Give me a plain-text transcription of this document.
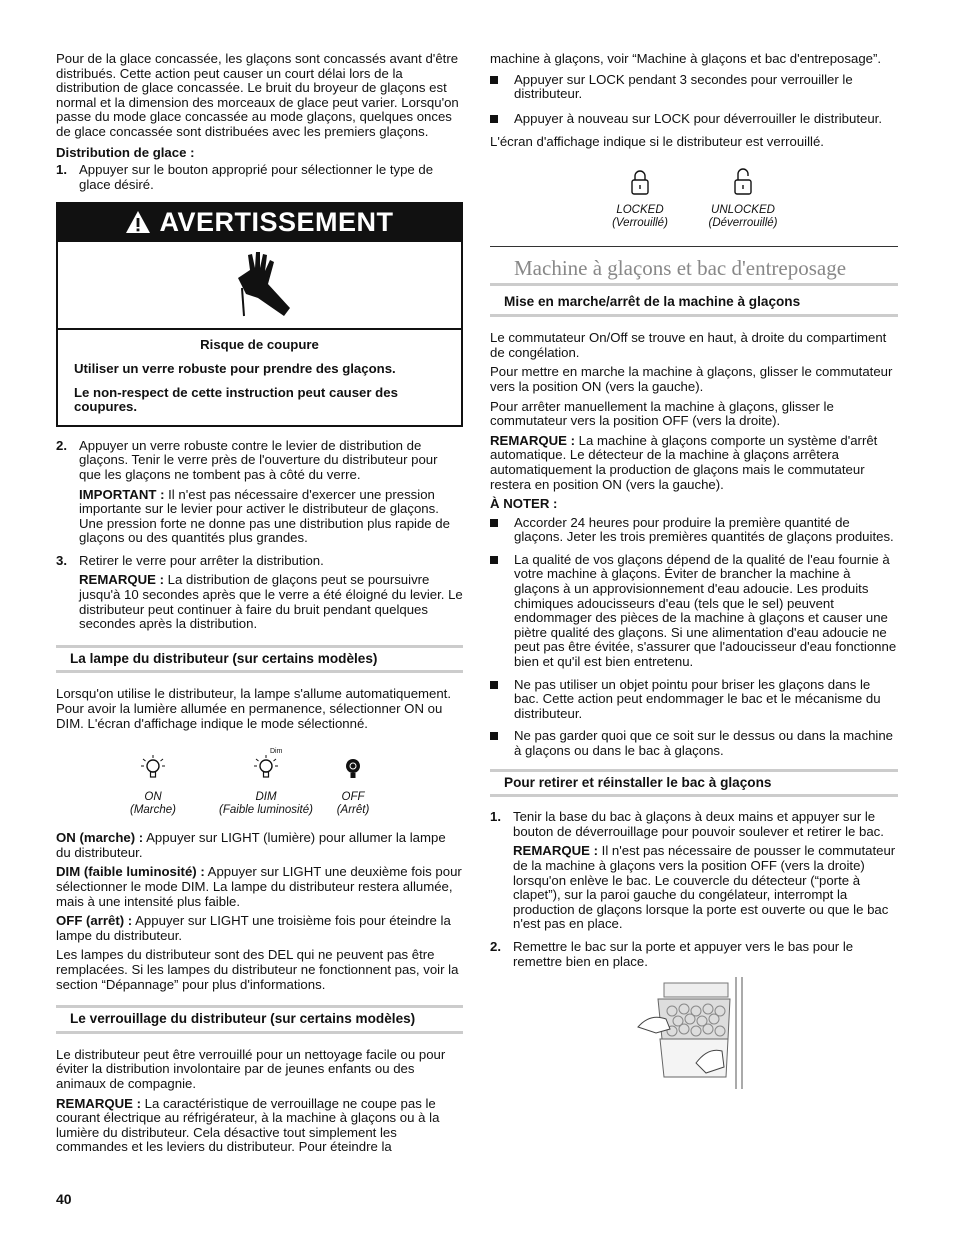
Pour de la glace concassée, les glaçons sont concassés avant d'être distribués. Cette action peut causer un court délai lors de la distribution de glace concassée. Le bruit du broyeur de glaçons est normal et la dimension des morceaux de glace peut varier. Lorsqu'on passe du mode glace concassée au mode glaçons, quelques onces de glace concassée sont distribuées avec les premiers glaçons.

Distribution de glace :

1. Appuyer sur le bouton approprié pour sélectionner le type de glace désiré.
AVERTISSEMENT
Risque de coupure

Utiliser un verre robuste pour prendre des glaçons.

Le non-respect de cette instruction peut causer des coupures.

2. Appuyer un verre robuste contre le levier de distribution de glaçons. Tenir le verre près de l'ouverture du distributeur pour que les glaçons ne tombent pas à côté du verre.

IMPORTANT : Il n'est pas nécessaire d'exercer une pression importante sur le levier pour activer le distributeur de glaçons. Une pression forte ne donne pas une distribution plus rapide de glaçons ou des quantités plus grandes.

3. Retirer le verre pour arrêter la distribution.

REMARQUE : La distribution de glaçons peut se poursuivre jusqu'à 10 secondes après que le verre a été éloigné du levier. Le distributeur peut continuer à faire du bruit pendant quelques secondes après la distribution.

La lampe du distributeur (sur certains modèles)

Lorsqu'on utilise le distributeur, la lampe s'allume automatiquement. Pour avoir la lumière allumée en permanence, sélectionner ON ou DIM. L'écran d'affichage indique le mode sélectionné.

ON
(Marche)
Dim
DIM
(Faible luminosité)
OFF
(Arrêt)

ON (marche) : Appuyer sur LIGHT (lumière) pour allumer la lampe du distributeur.

DIM (faible luminosité) : Appuyer sur LIGHT une deuxième fois pour sélectionner le mode DIM. La lampe du distributeur restera allumée, mais à une intensité plus faible.

OFF (arrêt) : Appuyer sur LIGHT une troisième fois pour éteindre la lampe du distributeur.

Les lampes du distributeur sont des DEL qui ne peuvent pas être remplacées. Si les lampes du distributeur ne fonctionnent pas, voir la section “Dépannage” pour plus d'informations.

Le verrouillage du distributeur (sur certains modèles)

Le distributeur peut être verrouillé pour un nettoyage facile ou pour éviter la distribution involontaire par de jeunes enfants ou des animaux de compagnie.

REMARQUE : La caractéristique de verrouillage ne coupe pas le courant électrique au réfrigérateur, à la machine à glaçons ou à la lumière du distributeur. Cela désactive tout simplement les commandes et les leviers du distributeur. Pour éteindre la

machine à glaçons, voir “Machine à glaçons et bac d'entreposage”.

Appuyer sur LOCK pendant 3 secondes pour verrouiller le distributeur.
Appuyer à nouveau sur LOCK pour déverrouiller le distributeur.

L'écran d'affichage indique si le distributeur est verrouillé.

LOCKED
(Verrouillé)
UNLOCKED
(Déverrouillé)
Machine à glaçons et bac d'entreposage
Mise en marche/arrêt de la machine à glaçons

Le commutateur On/Off se trouve en haut, à droite du compartiment de congélation.

Pour mettre en marche la machine à glaçons, glisser le commutateur vers la position ON (vers la gauche).

Pour arrêter manuellement la machine à glaçons, glisser le commutateur vers la position OFF (vers la droite).

REMARQUE : La machine à glaçons comporte un système d'arrêt automatique. Le détecteur de la machine à glaçons arrêtera automatiquement la production de glaçons mais le commutateur restera en position ON (vers la gauche).

À NOTER :

Accorder 24 heures pour produire la première quantité de glaçons. Jeter les trois premières quantités de glaçons produites.
La qualité de vos glaçons dépend de la qualité de l'eau fournie à votre machine à glaçons. Éviter de brancher la machine à glaçons à un approvisionnement d'eau adoucie. Les produits chimiques adoucisseurs d'eau (tels que le sel) peuvent endommager des pièces de la machine à glaçons et causer une piètre qualité des glaçons. Si une alimentation d'eau adoucie ne peut pas être évitée, s'assurer que l'adoucisseur d'eau fonctionne bien et qu'il est bien entretenu.
Ne pas utiliser un objet pointu pour briser les glaçons dans le bac. Cette action peut endommager le bac et le mécanisme du distributeur.
Ne pas garder quoi que ce soit sur le dessus ou dans la machine à glaçons ou dans le bac à glaçons.
Pour retirer et réinstaller le bac à glaçons
1. Tenir la base du bac à glaçons à deux mains et appuyer sur le bouton de déverrouillage pour pouvoir soulever et retirer le bac.

REMARQUE : Il n'est pas nécessaire de pousser le commutateur de la machine à glaçons vers la position OFF (vers la droite) lorsqu'on enlève le bac. Le couvercle du détecteur (“porte à clapet”), sur la paroi gauche du congélateur, interrompt la production de glaçons lorsque la porte est ouverte ou que le bac n'est pas en place.

2. Remettre le bac sur la porte et appuyer vers le bas pour le remettre bien en place.
40
